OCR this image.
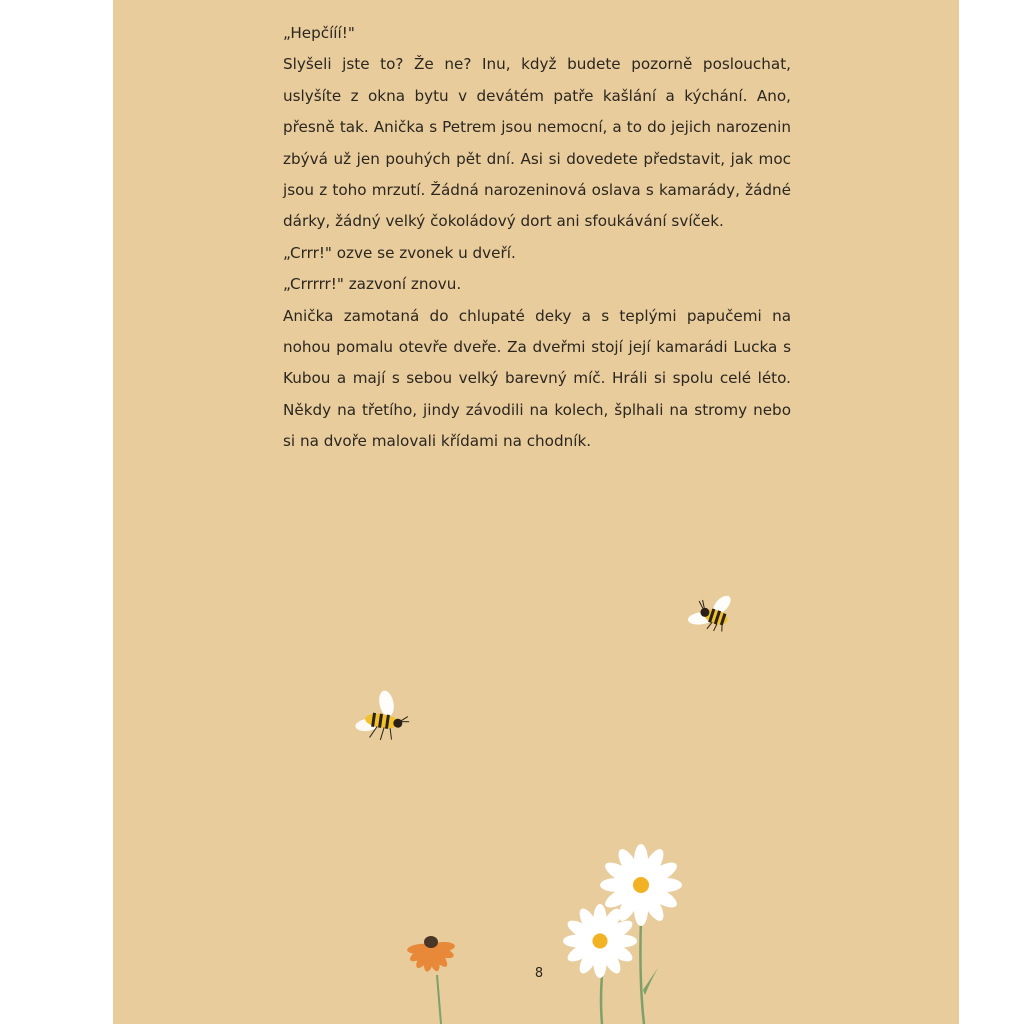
„Hepčííí!"

Slyšeli jste to? Že ne? Inu, když budete pozorně poslouchat, uslyšíte z okna bytu v devátém patře kašlání a kýchání. Ano, přesně tak. Anička s Petrem jsou nemocní, a to do jejich narozenin zbývá už jen pouhých pět dní. Asi si dovedete představit, jak moc jsou z toho mrzutí. Žádná narozeninová oslava s kamarády, žádné dárky, žádný velký čokoládový dort ani sfoukávání svíček.

„Crrr!" ozve se zvonek u dveří.

„Crrrrr!" zazvoní znovu.

Anička zamotaná do chlupaté deky a s teplými papučemi na nohou pomalu otevře dveře. Za dveřmi stojí její kamarádi Lucka s Kubou a mají s sebou velký barevný míč. Hráli si spolu celé léto. Někdy na třetího, jindy závodili na kolech, šplhali na stromy nebo si na dvoře malovali křídami na chodník.

8
